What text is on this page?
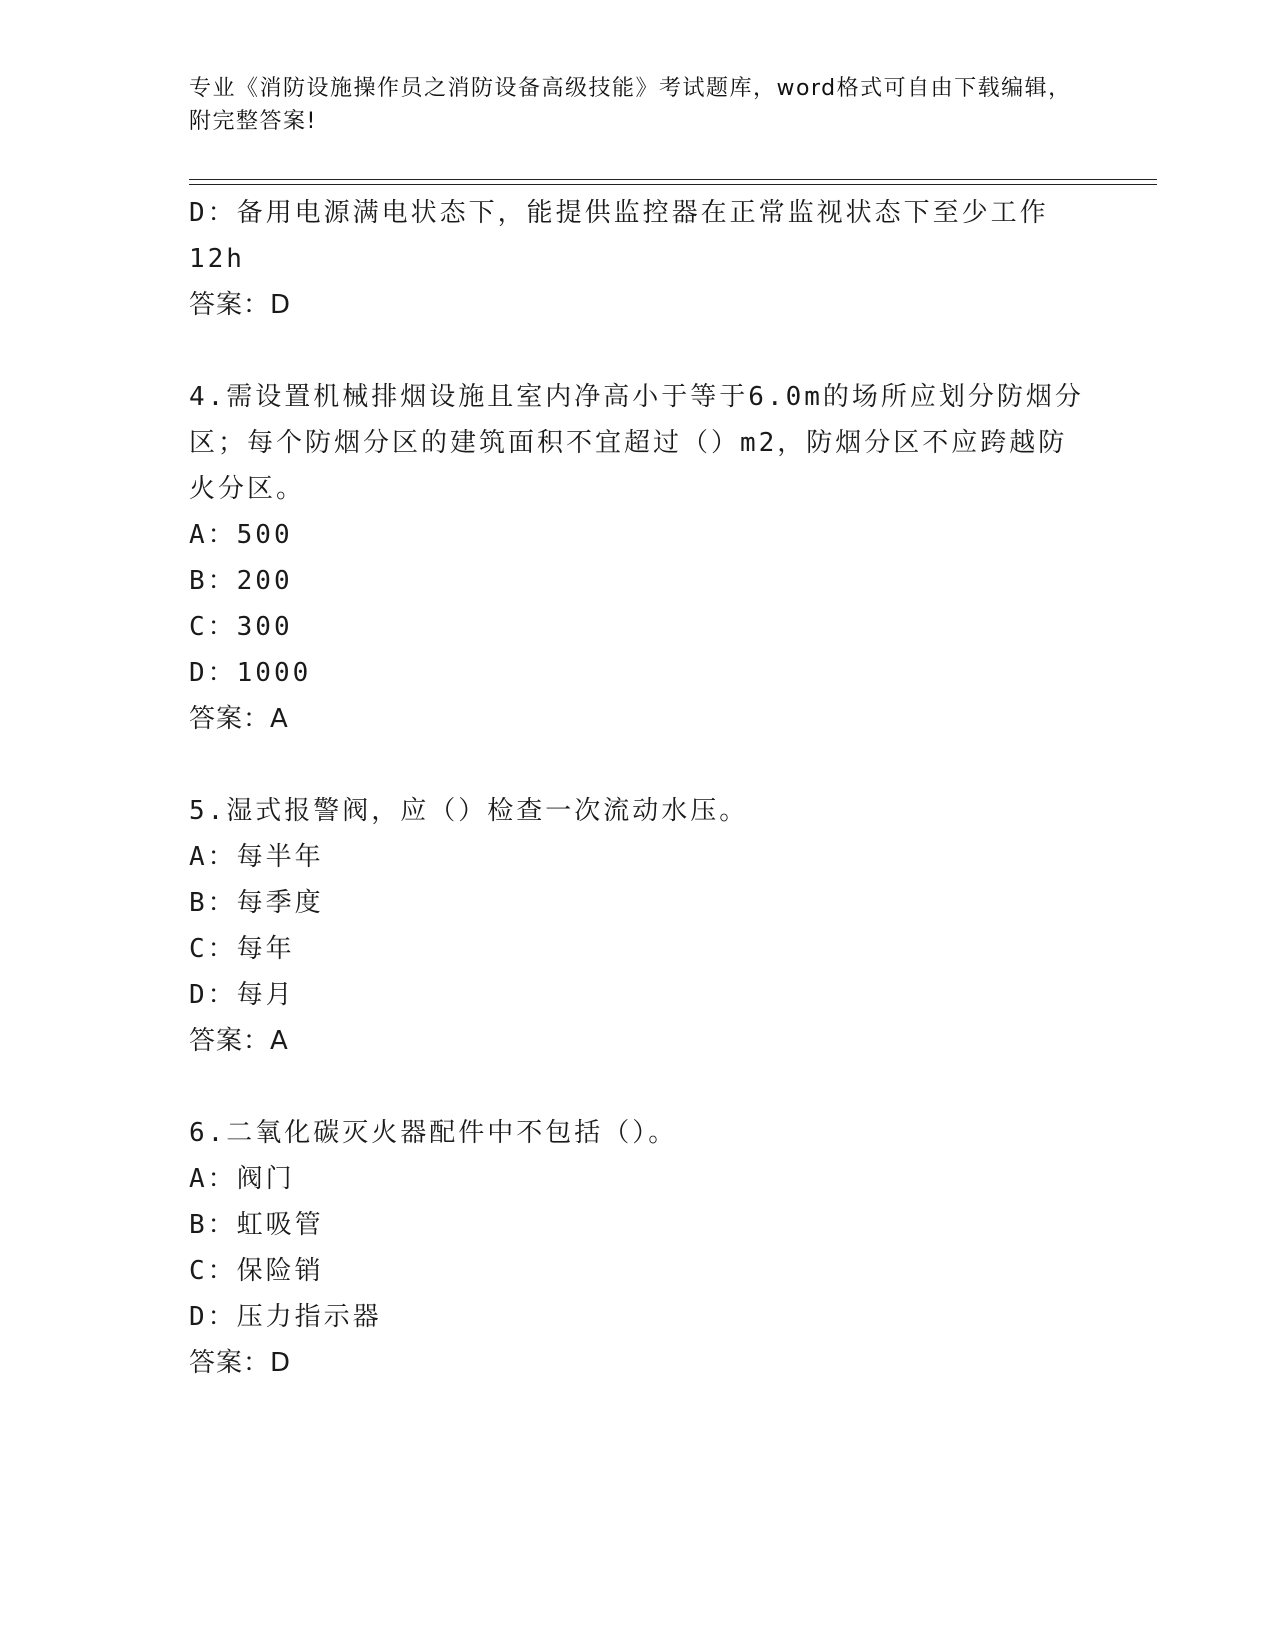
专业《消防设施操作员之消防设备高级技能》考试题库，word格式可自由下载编辑，附完整答案!
D：备用电源满电状态下，能提供监控器在正常监视状态下至少工作
12h
答案：D
4.需设置机械排烟设施且室内净高小于等于6.0m的场所应划分防烟分
区；每个防烟分区的建筑面积不宜超过（）m2，防烟分区不应跨越防
火分区。
A：500
B：200
C：300
D：1000
答案：A
5.湿式报警阀，应（）检查一次流动水压。
A：每半年
B：每季度
C：每年
D：每月
答案：A
6.二氧化碳灭火器配件中不包括（）。
A：阀门
B：虹吸管
C：保险销
D：压力指示器
答案：D
